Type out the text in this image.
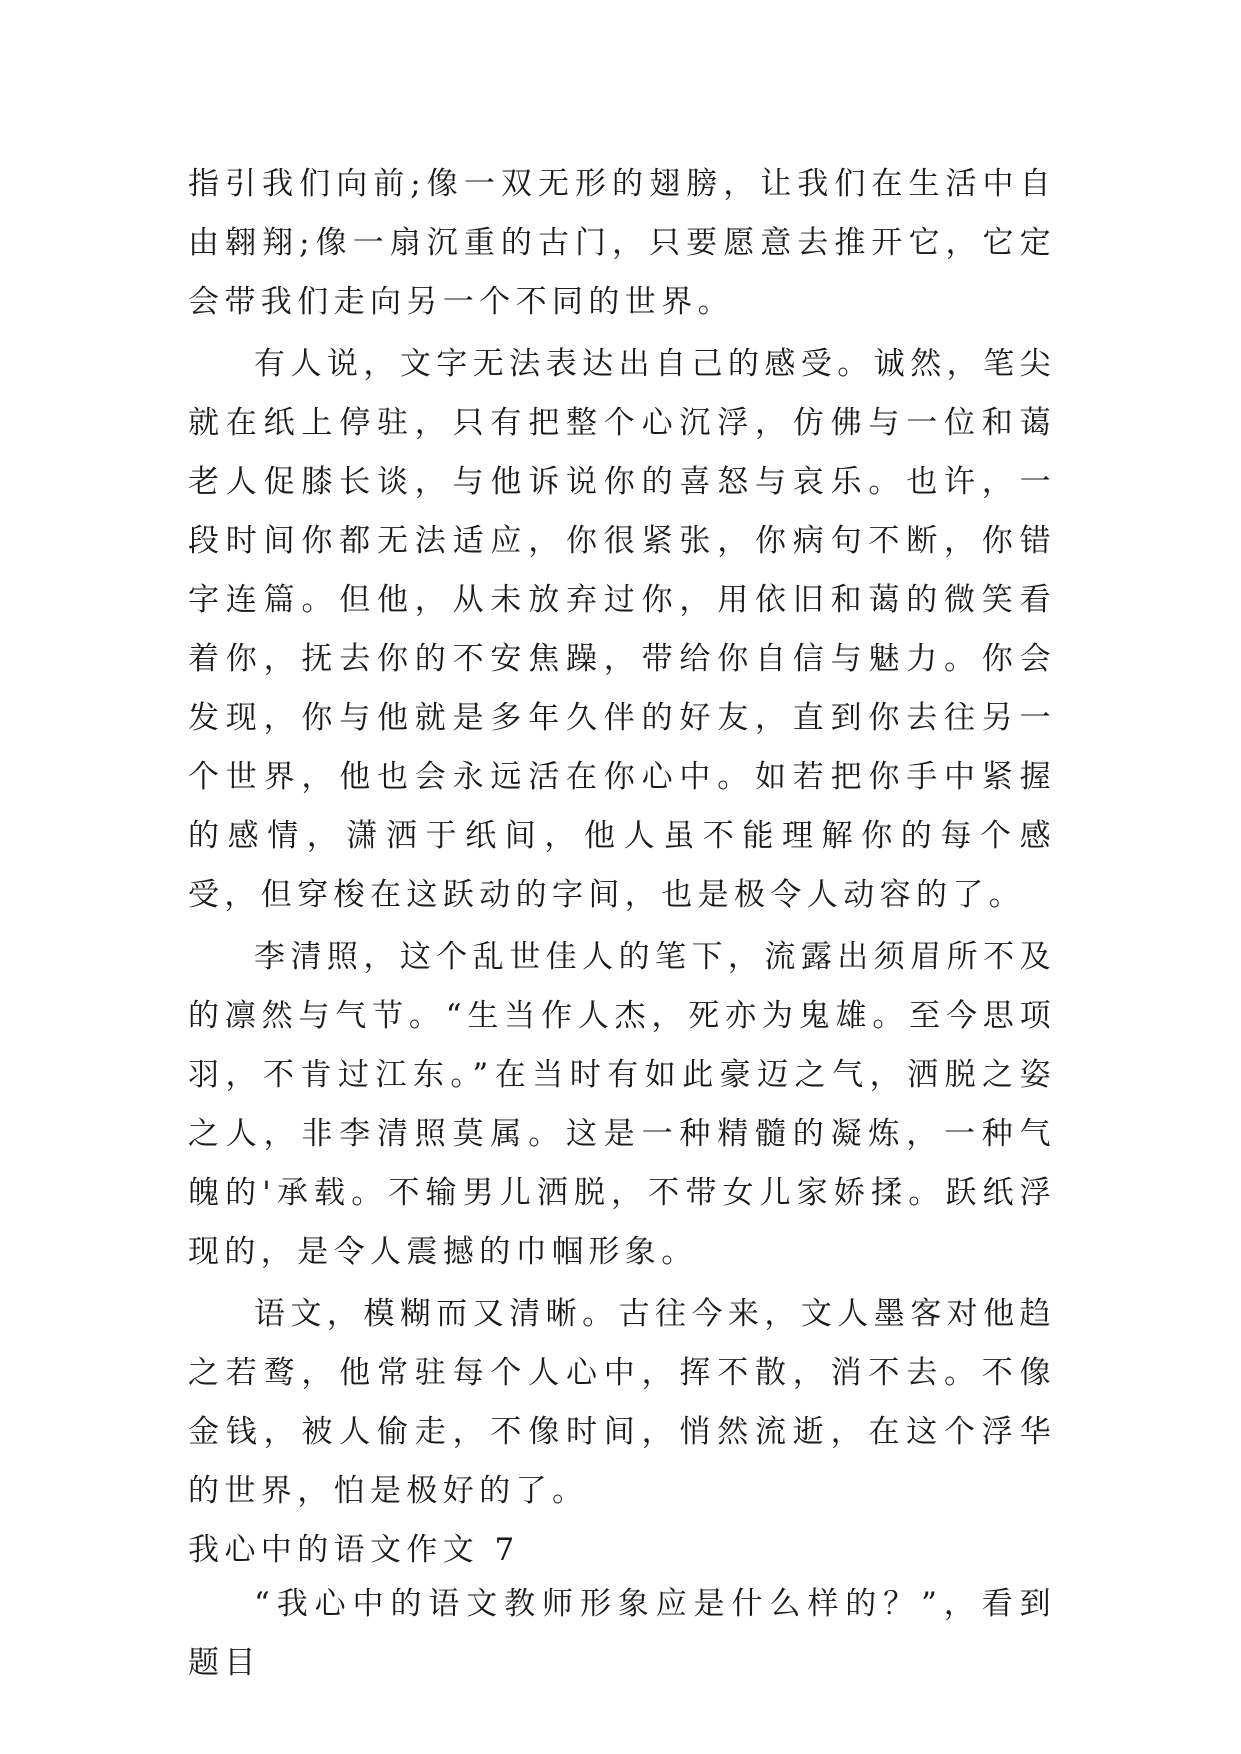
指引我们向前;像一双无形的翅膀，让我们在生活中自由翱翔;像一扇沉重的古门，只要愿意去推开它，它定会带我们走向另一个不同的世界。

有人说，文字无法表达出自己的感受。诚然，笔尖就在纸上停驻，只有把整个心沉浮，仿佛与一位和蔼老人促膝长谈，与他诉说你的喜怒与哀乐。也许，一段时间你都无法适应，你很紧张，你病句不断，你错字连篇。但他，从未放弃过你，用依旧和蔼的微笑看着你，抚去你的不安焦躁，带给你自信与魅力。你会发现，你与他就是多年久伴的好友，直到你去往另一个世界，他也会永远活在你心中。如若把你手中紧握的感情，潇洒于纸间，他人虽不能理解你的每个感受，但穿梭在这跃动的字间，也是极令人动容的了。

李清照，这个乱世佳人的笔下，流露出须眉所不及的凛然与气节。“生当作人杰，死亦为鬼雄。至今思项羽，不肯过江东。”在当时有如此豪迈之气，洒脱之姿之人，非李清照莫属。这是一种精髓的凝炼，一种气魄的'承载。不输男儿洒脱，不带女儿家娇揉。跃纸浮现的，是令人震撼的巾帼形象。

语文，模糊而又清晰。古往今来，文人墨客对他趋之若鹜，他常驻每个人心中，挥不散，消不去。不像金钱，被人偷走，不像时间，悄然流逝，在这个浮华的世界，怕是极好的了。

我心中的语文作文 7

“我心中的语文教师形象应是什么样的？”，看到题目
